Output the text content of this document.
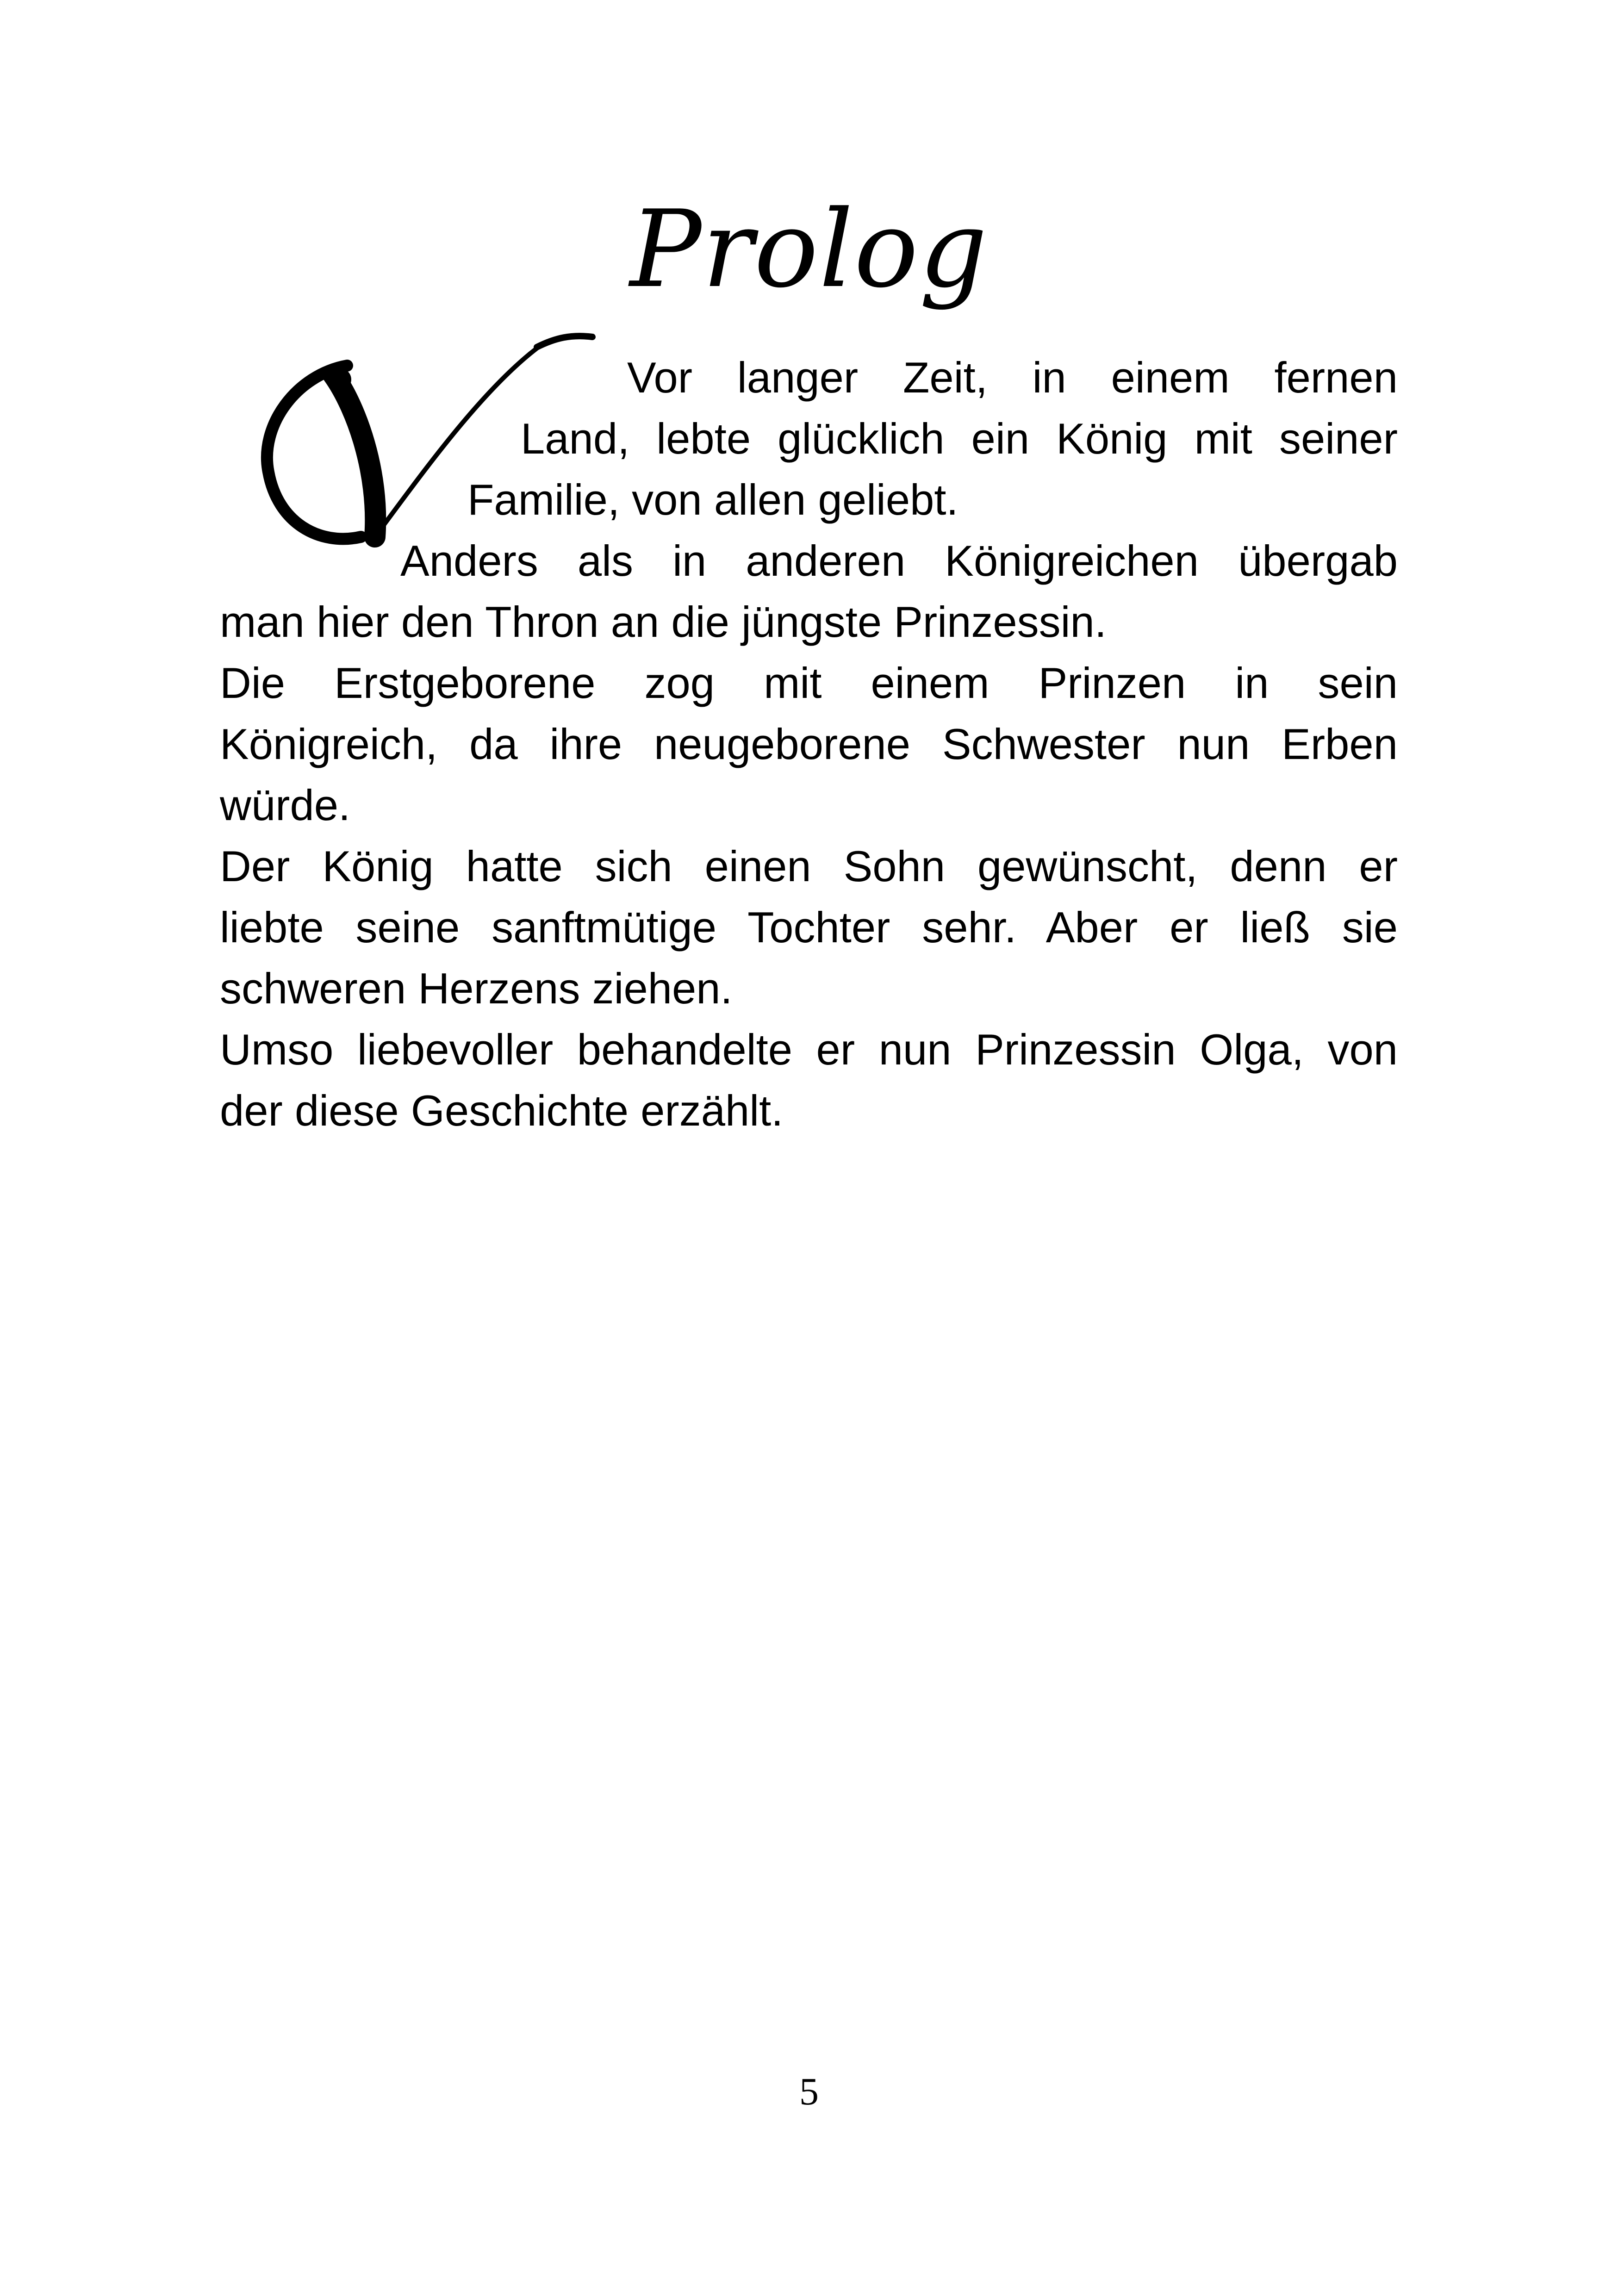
Prolog
Vor langer Zeit, in einem fernen
Land, lebte glücklich ein König mit seiner
Familie, von allen geliebt.
Anders als in anderen Königreichen übergab
man hier den Thron an die jüngste Prinzessin.
Die Erstgeborene zog mit einem Prinzen in sein
Königreich, da ihre neugeborene Schwester nun Erben
würde.
Der König hatte sich einen Sohn gewünscht, denn er
liebte seine sanftmütige Tochter sehr. Aber er ließ sie
schweren Herzens ziehen.
Umso liebevoller behandelte er nun Prinzessin Olga, von
der diese Geschichte erzählt.
5
